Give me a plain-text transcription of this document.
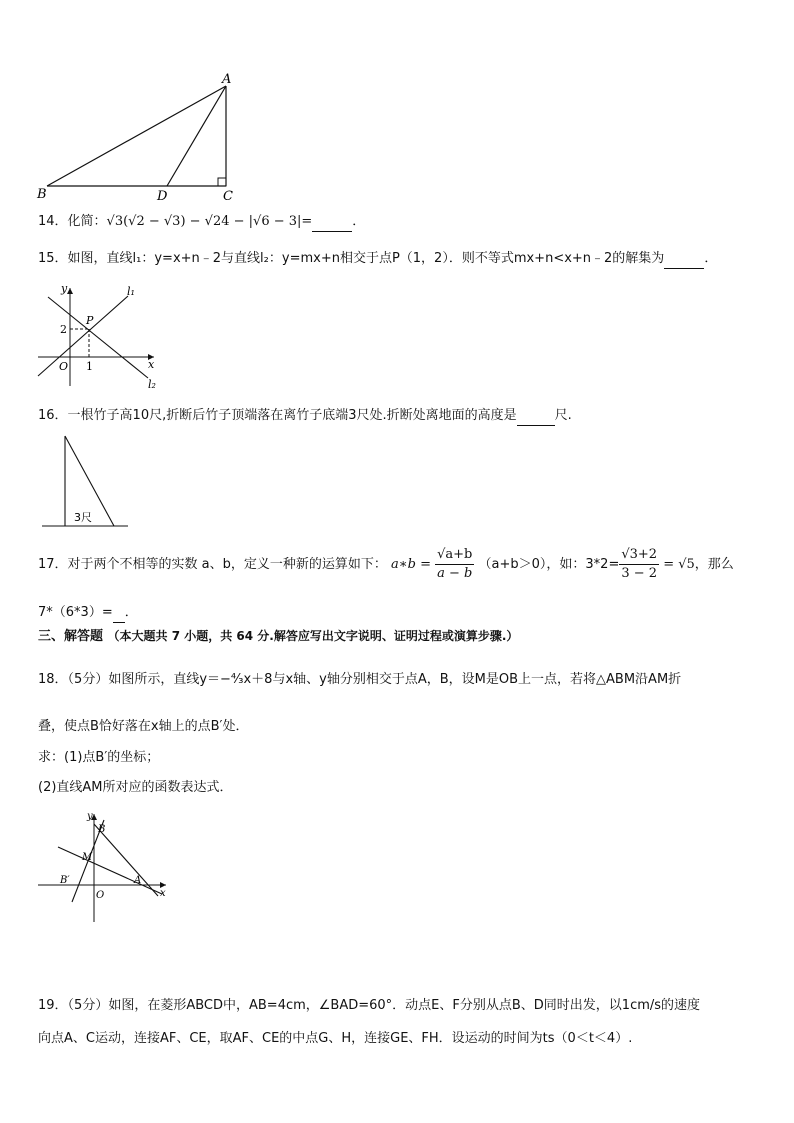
A
B	D	C
14．化简：√3(√2 − √3) − √24 − |√6 − 3|=	．
15．如图，直线l₁：y=x+n﹣2与直线l₂：y=mx+n相交于点P（1，2）．则不等式mx+n<x+n﹣2的解集为	．
y
x
O
P
2
1
l₁
l₂
16．一根竹子高10尺,折断后竹子顶端落在离竹子底端3尺处.折断处离地面的高度是	尺.
3尺
17．对于两个不相等的实数 a、b，定义一种新的运算如下： a∗b = $\frac{√a+b}{a - b} (a+b>0)$，如：$3*2= \frac{√3+2}{3 - 2} = √5$，那么
7*（6*3）= ．
三、解答题 （本大题共 7 小题，共 64 分.解答应写出文字说明、证明过程或演算步骤.）
18．（5分）如图所示，直线y＝−⁴⁄₃x＋8与x轴、y轴分别相交于点A，B，设M是OB上一点，若将△ABM沿AM折
叠，使点B恰好落在x轴上的点B′处．
求：(1)点B′的坐标；
(2)直线AM所对应的函数表达式．
y
B
M
B′	A
O	x
19．（5分）如图，在菱形ABCD中，AB=4cm，∠BAD=60°．动点E、F分别从点B、D同时出发，以1cm/s的速度
向点A、C运动，连接AF、CE，取AF、CE的中点G、H，连接GE、FH．设运动的时间为ts（0＜t＜4）.
